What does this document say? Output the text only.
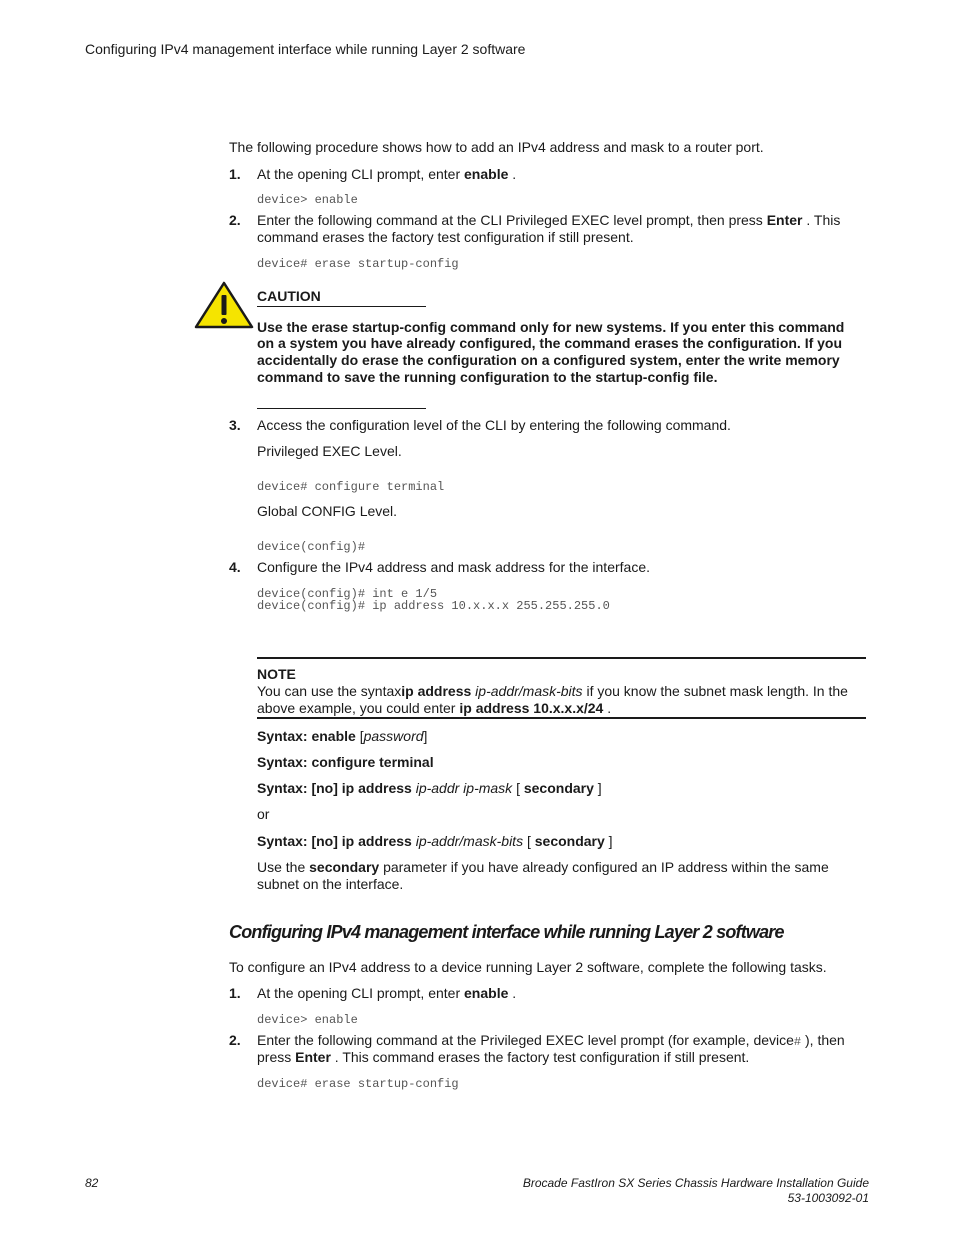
Configuring IPv4 management interface while running Layer 2 software
The following procedure shows how to add an IPv4 address and mask to a router port.
1. At the opening CLI prompt, enter enable .
device> enable
2. Enter the following command at the CLI Privileged EXEC level prompt, then press Enter . This
command erases the factory test configuration if still present.
device# erase startup-config
CAUTION
Use the erase startup-config command only for new systems. If you enter this command
on a system you have already configured, the command erases the configuration. If you
accidentally do erase the configuration on a configured system, enter the write memory
command to save the running configuration to the startup-config file.
3. Access the configuration level of the CLI by entering the following command.
Privileged EXEC Level.
device# configure terminal
Global CONFIG Level.
device(config)#
4. Configure the IPv4 address and mask address for the interface.
device(config)# int e 1/5
device(config)# ip address 10.x.x.x 255.255.255.0
NOTE
You can use the syntaxip address ip-addr/mask-bits if you know the subnet mask length. In the
above example, you could enter ip address 10.x.x.x/24 .
Syntax: enable [password]
Syntax: configure terminal
Syntax: [no] ip address ip-addr ip-mask [ secondary ]
or
Syntax: [no] ip address ip-addr/mask-bits [ secondary ]
Use the secondary parameter if you have already configured an IP address within the same
subnet on the interface.
Configuring IPv4 management interface while running Layer 2 software
To configure an IPv4 address to a device running Layer 2 software, complete the following tasks.
1. At the opening CLI prompt, enter enable .
device> enable
2. Enter the following command at the Privileged EXEC level prompt (for example, device# ), then
press Enter . This command erases the factory test configuration if still present.
device# erase startup-config
82	Brocade FastIron SX Series Chassis Hardware Installation Guide
53-1003092-01
